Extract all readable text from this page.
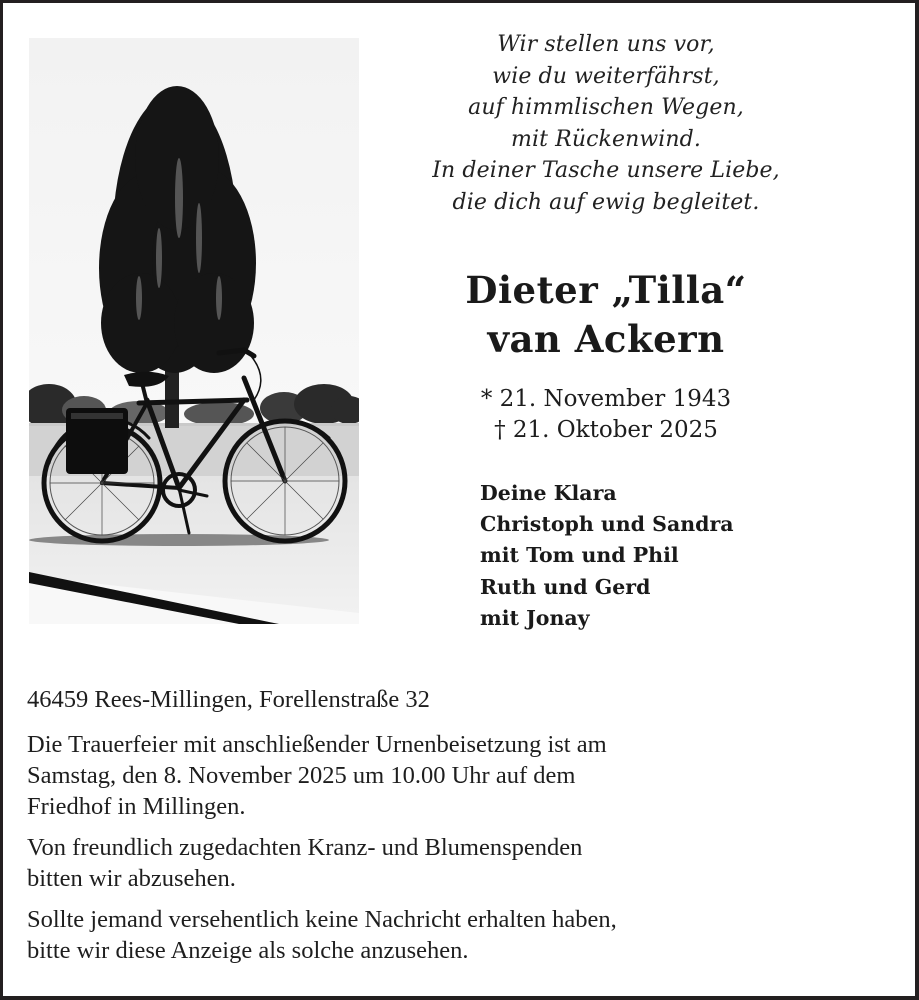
Wir stellen uns vor,
wie du weiterfährst,
auf himmlischen Wegen,
mit Rückenwind.
In deiner Tasche unsere Liebe,
die dich auf ewig begleitet.
Dieter „Tilla“
van Ackern
* 21. November 1943
† 21. Oktober 2025
Deine Klara
Christoph und Sandra
mit Tom und Phil
Ruth und Gerd
mit Jonay

46459 Rees-Millingen, Forellenstraße 32

Die Trauerfeier mit anschließender Urnenbeisetzung ist am
Samstag, den 8. November 2025 um 10.00 Uhr auf dem
Friedhof in Millingen.

Von freundlich zugedachten Kranz- und Blumenspenden
bitten wir abzusehen.

Sollte jemand versehentlich keine Nachricht erhalten haben,
bitte wir diese Anzeige als solche anzusehen.
